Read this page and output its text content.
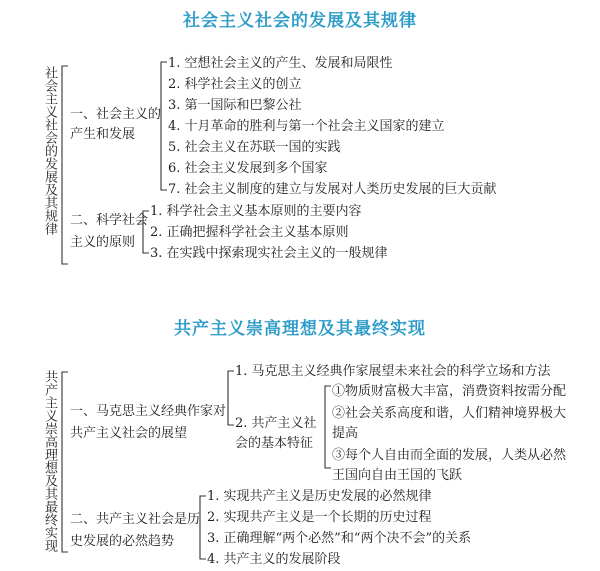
社会主义社会的发展及其规律
社会主义社会的发展及其规律 一、社会主义的
产生和发展
1. 空想社会主义的产生、发展和局限性
2. 科学社会主义的创立
3. 第一国际和巴黎公社
4. 十月革命的胜利与第一个社会主义国家的建立
5. 社会主义在苏联一国的实践
6. 社会主义发展到多个国家
7. 社会主义制度的建立与发展对人类历史发展的巨大贡献
二、科学社会
主义的原则
1. 科学社会主义基本原则的主要内容
2. 正确把握科学社会主义基本原则
3. 在实践中探索现实社会主义的一般规律
共产主义崇高理想及其最终实现
共产主义崇高理想及其最终实现 一、马克思主义经典作家对
共产主义社会的展望
1. 马克思主义经典作家展望未来社会的科学立场和方法
2. 共产主义社
会的基本特征
①物质财富极大丰富，消费资料按需分配
②社会关系高度和谐，人们精神境界极大
提高
③每个人自由而全面的发展，人类从必然
王国向自由王国的飞跃
二、共产主义社会是历
史发展的必然趋势
1. 实现共产主义是历史发展的必然规律
2. 实现共产主义是一个长期的历史过程
3. 正确理解“两个必然”和“两个决不会”的关系
4. 共产主义的发展阶段
